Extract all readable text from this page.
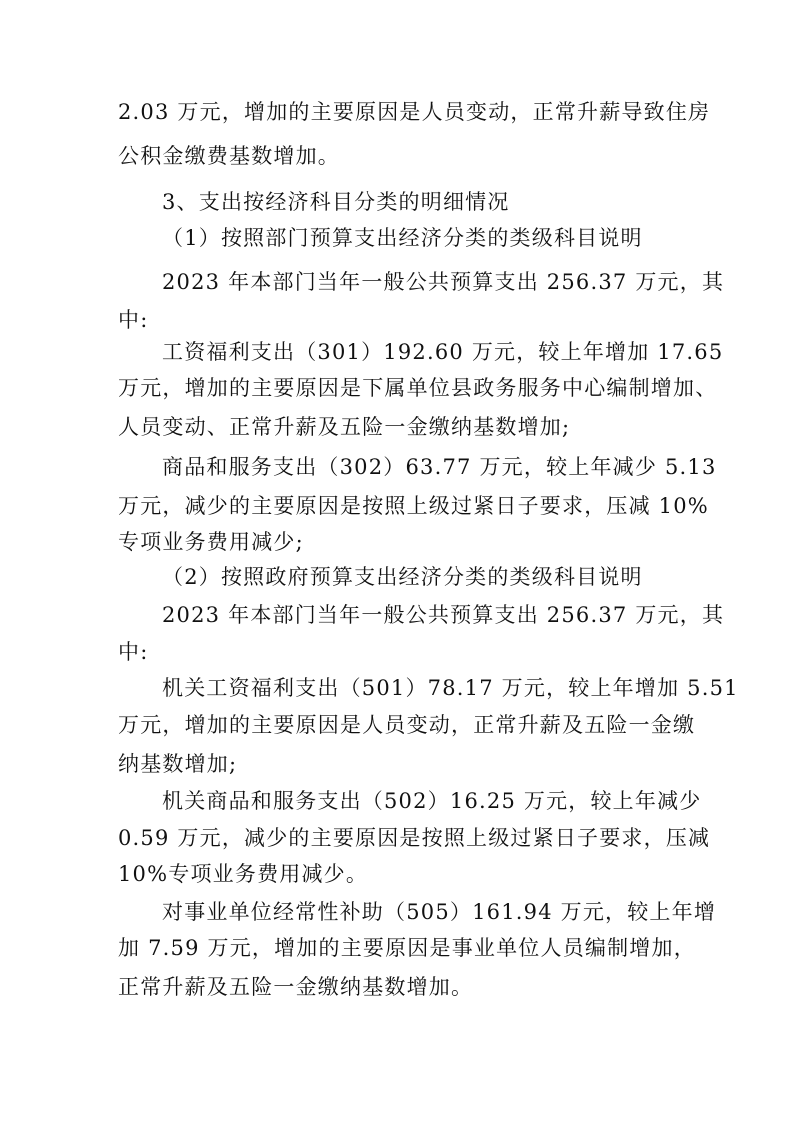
2.03 万元，增加的主要原因是人员变动，正常升薪导致住房
公积金缴费基数增加。
3、支出按经济科目分类的明细情况
（1）按照部门预算支出经济分类的类级科目说明
2023 年本部门当年一般公共预算支出 256.37 万元，其
中:
工资福利支出（301）192.60 万元，较上年增加 17.65
万元，增加的主要原因是下属单位县政务服务中心编制增加、
人员变动、正常升薪及五险一金缴纳基数增加;
商品和服务支出（302）63.77 万元，较上年减少 5.13
万元，减少的主要原因是按照上级过紧日子要求，压减 10%
专项业务费用减少;
（2）按照政府预算支出经济分类的类级科目说明
2023 年本部门当年一般公共预算支出 256.37 万元，其
中:
机关工资福利支出（501）78.17 万元，较上年增加 5.51
万元，增加的主要原因是人员变动，正常升薪及五险一金缴
纳基数增加;
机关商品和服务支出（502）16.25 万元，较上年减少
0.59 万元，减少的主要原因是按照上级过紧日子要求，压减
10%专项业务费用减少。
对事业单位经常性补助（505）161.94 万元，较上年增
加 7.59 万元，增加的主要原因是事业单位人员编制增加，
正常升薪及五险一金缴纳基数增加。
